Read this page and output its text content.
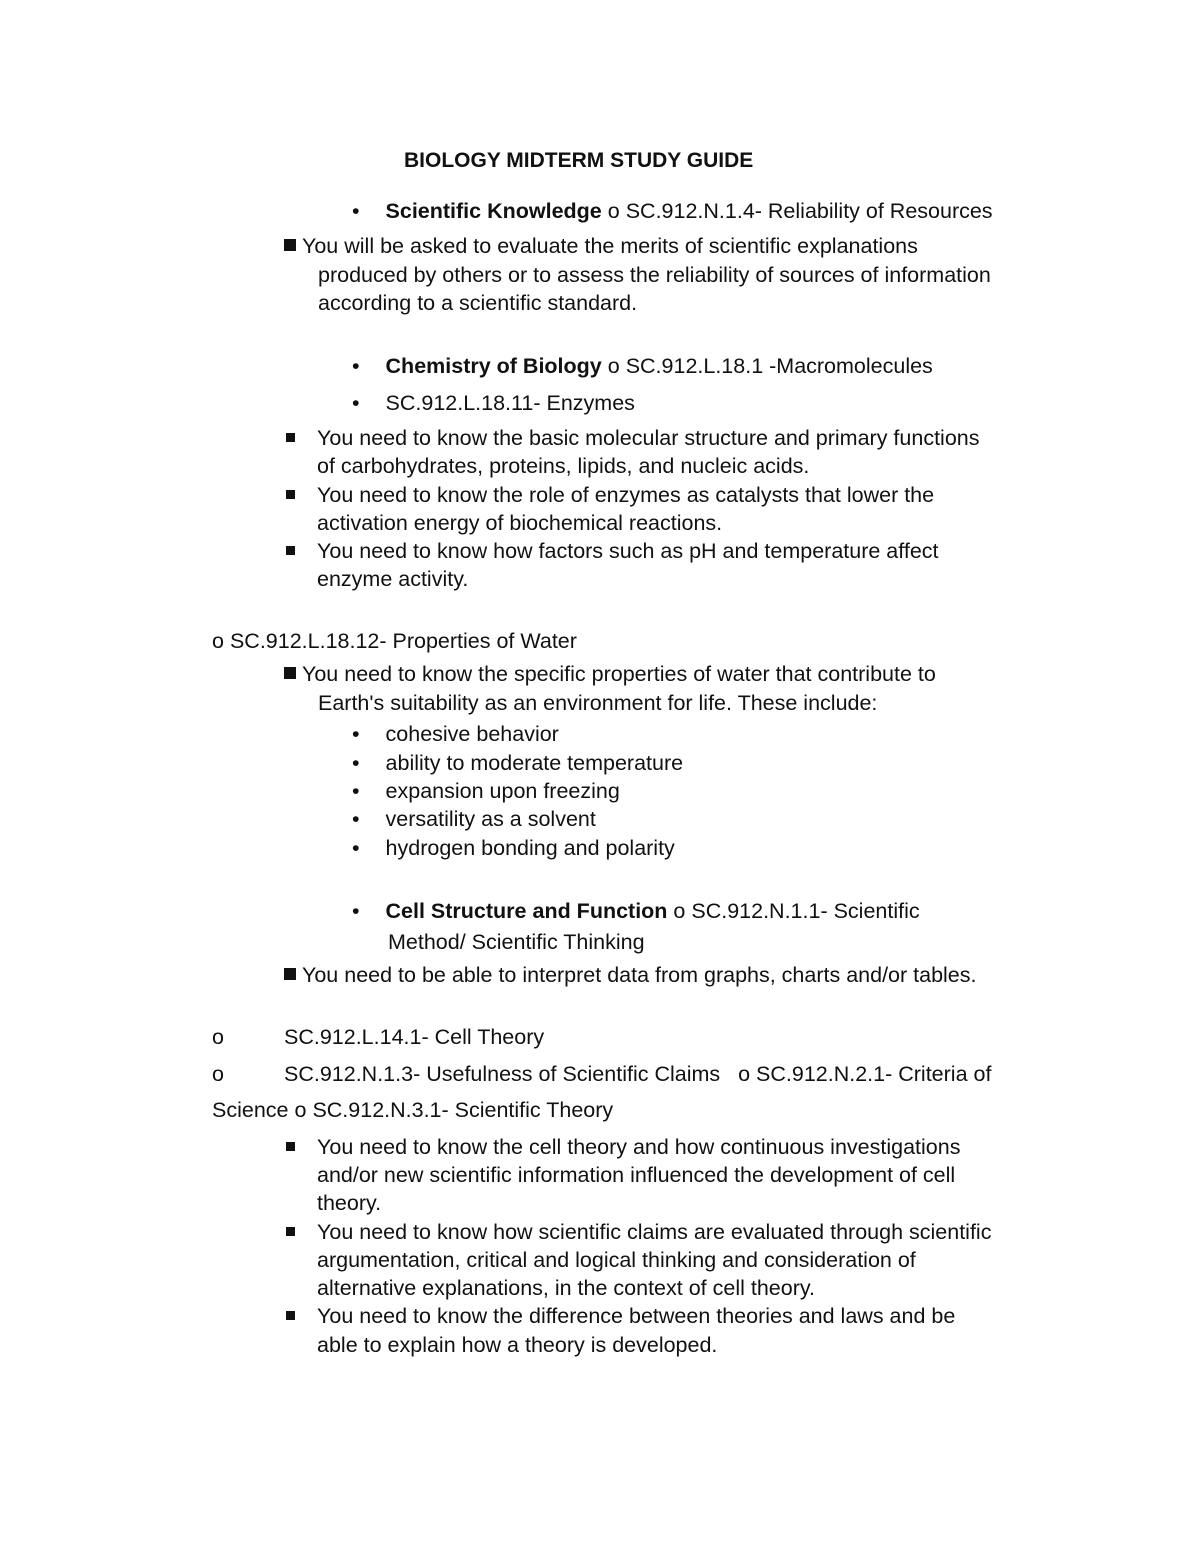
BIOLOGY MIDTERM STUDY GUIDE
• Scientific Knowledge o SC.912.N.1.4- Reliability of Resources
You will be asked to evaluate the merits of scientific explanations
produced by others or to assess the reliability of sources of information
according to a scientific standard.
• Chemistry of Biology o SC.912.L.18.1 -Macromolecules
• SC.912.L.18.11- Enzymes
You need to know the basic molecular structure and primary functions
of carbohydrates, proteins, lipids, and nucleic acids.
You need to know the role of enzymes as catalysts that lower the
activation energy of biochemical reactions.
You need to know how factors such as pH and temperature affect
enzyme activity.
o SC.912.L.18.12- Properties of Water
You need to know the specific properties of water that contribute to
Earth's suitability as an environment for life. These include:
• cohesive behavior
• ability to moderate temperature
• expansion upon freezing
• versatility as a solvent
• hydrogen bonding and polarity
• Cell Structure and Function o SC.912.N.1.1- Scientific
Method/ Scientific Thinking
You need to be able to interpret data from graphs, charts and/or tables.
o	SC.912.L.14.1- Cell Theory
o	SC.912.N.1.3- Usefulness of Scientific Claims o SC.912.N.2.1- Criteria of
Science o SC.912.N.3.1- Scientific Theory
You need to know the cell theory and how continuous investigations
and/or new scientific information influenced the development of cell
theory.
You need to know how scientific claims are evaluated through scientific
argumentation, critical and logical thinking and consideration of
alternative explanations, in the context of cell theory.
You need to know the difference between theories and laws and be
able to explain how a theory is developed.
